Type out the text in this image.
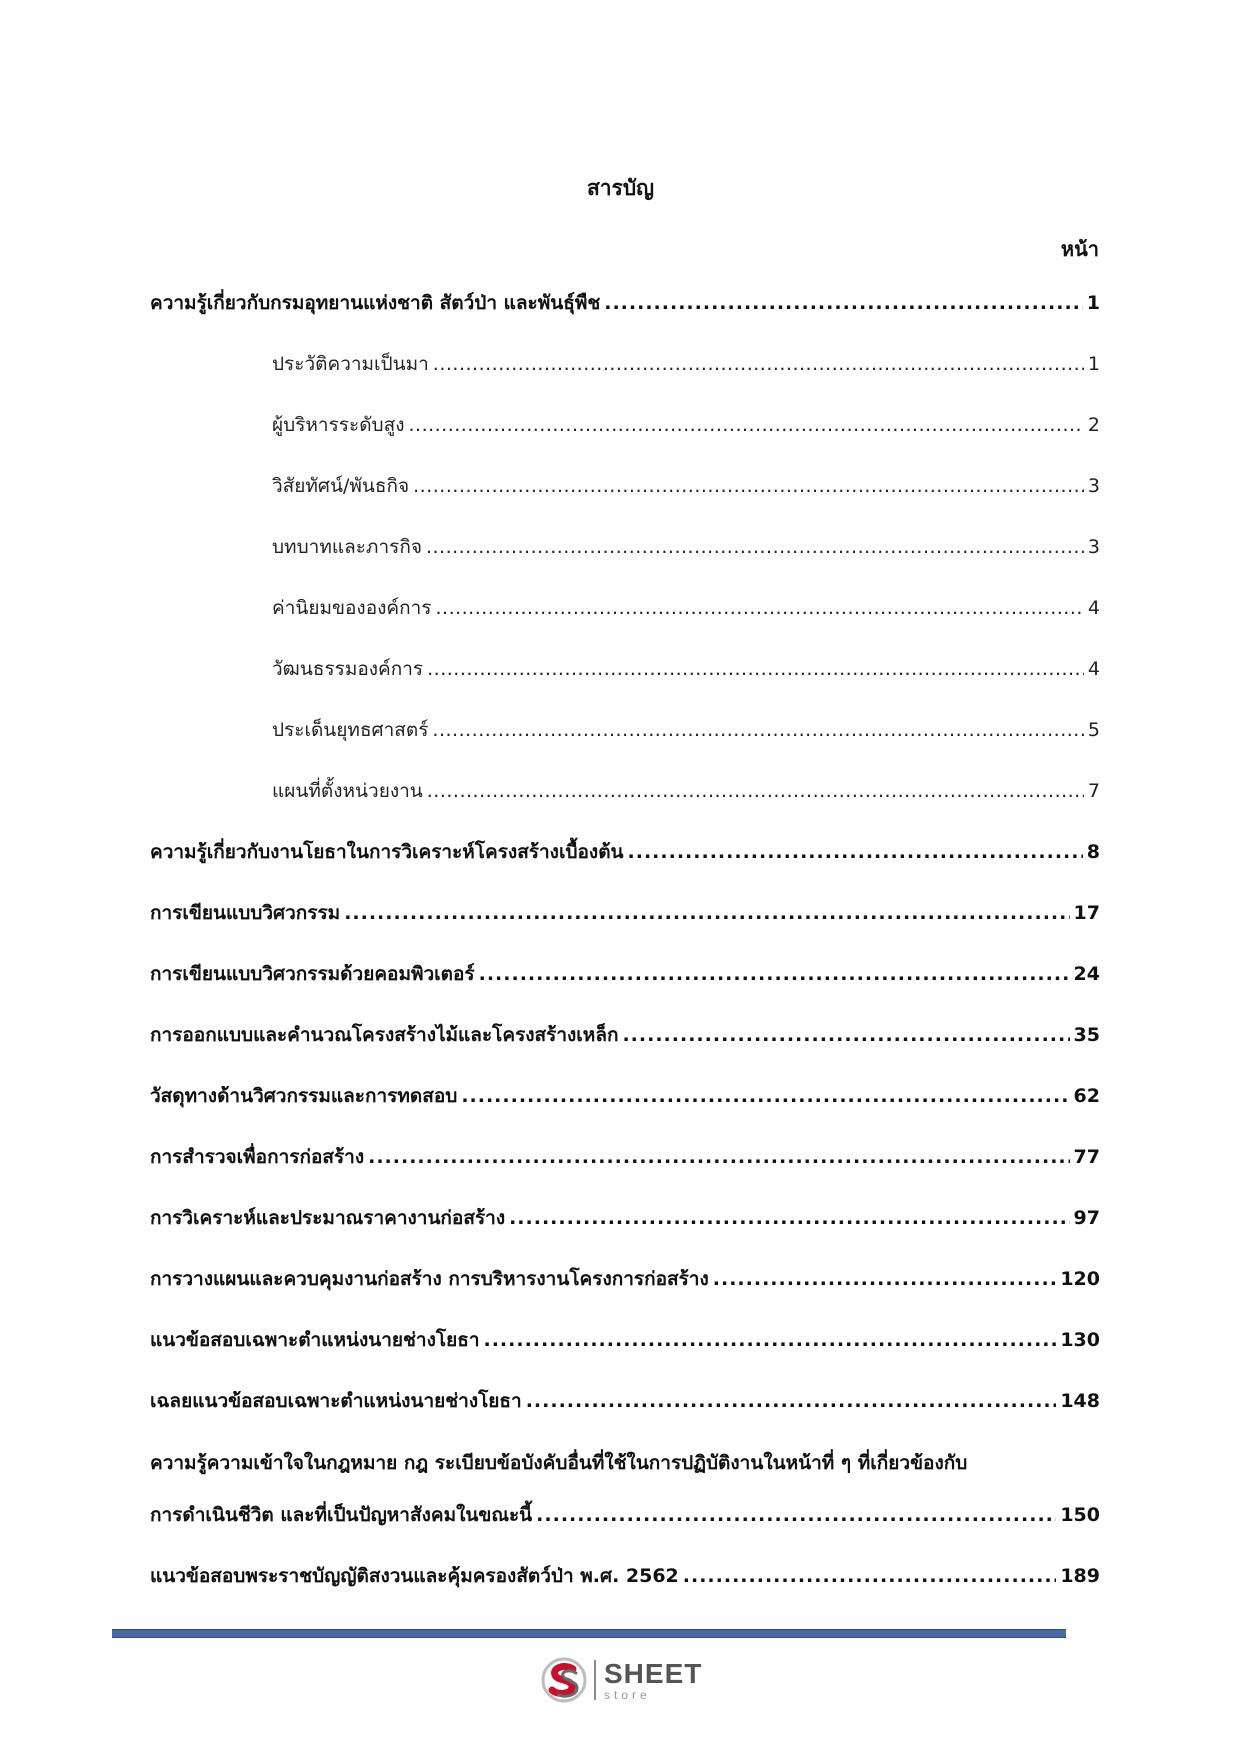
สารบัญ
หน้า
ความรู้เกี่ยวกับกรมอุทยานแห่งชาติ สัตว์ป่า และพันธุ์พืช .....	1
ประวัติความเป็นมา .....	1
ผู้บริหารระดับสูง .....	2
วิสัยทัศน์/พันธกิจ .....	3
บทบาทและภารกิจ .....	3
ค่านิยมขององค์การ .....	4
วัฒนธรรมองค์การ .....	4
ประเด็นยุทธศาสตร์ .....	5
แผนที่ตั้งหน่วยงาน .....	7
ความรู้เกี่ยวกับงานโยธาในการวิเคราะห์โครงสร้างเบื้องต้น .....	8
การเขียนแบบวิศวกรรม .....	17
การเขียนแบบวิศวกรรมด้วยคอมพิวเตอร์ .....	24
การออกแบบและคำนวณโครงสร้างไม้และโครงสร้างเหล็ก .....	35
วัสดุทางด้านวิศวกรรมและการทดสอบ .....	62
การสำรวจเพื่อการก่อสร้าง .....	77
การวิเคราะห์และประมาณราคางานก่อสร้าง .....	97
การวางแผนและควบคุมงานก่อสร้าง การบริหารงานโครงการก่อสร้าง .....	120
แนวข้อสอบเฉพาะตำแหน่งนายช่างโยธา .....	130
เฉลยแนวข้อสอบเฉพาะตำแหน่งนายช่างโยธา .....	148
ความรู้ความเข้าใจในกฎหมาย กฎ ระเบียบข้อบังคับอื่นที่ใช้ในการปฏิบัติงานในหน้าที่ ๆ ที่เกี่ยวข้องกับ
การดำเนินชีวิต และที่เป็นปัญหาสังคมในขณะนี้ .....	150
แนวข้อสอบพระราชบัญญัติสงวนและคุ้มครองสัตว์ป่า พ.ศ. 2562 .....	189
SHEET
store
